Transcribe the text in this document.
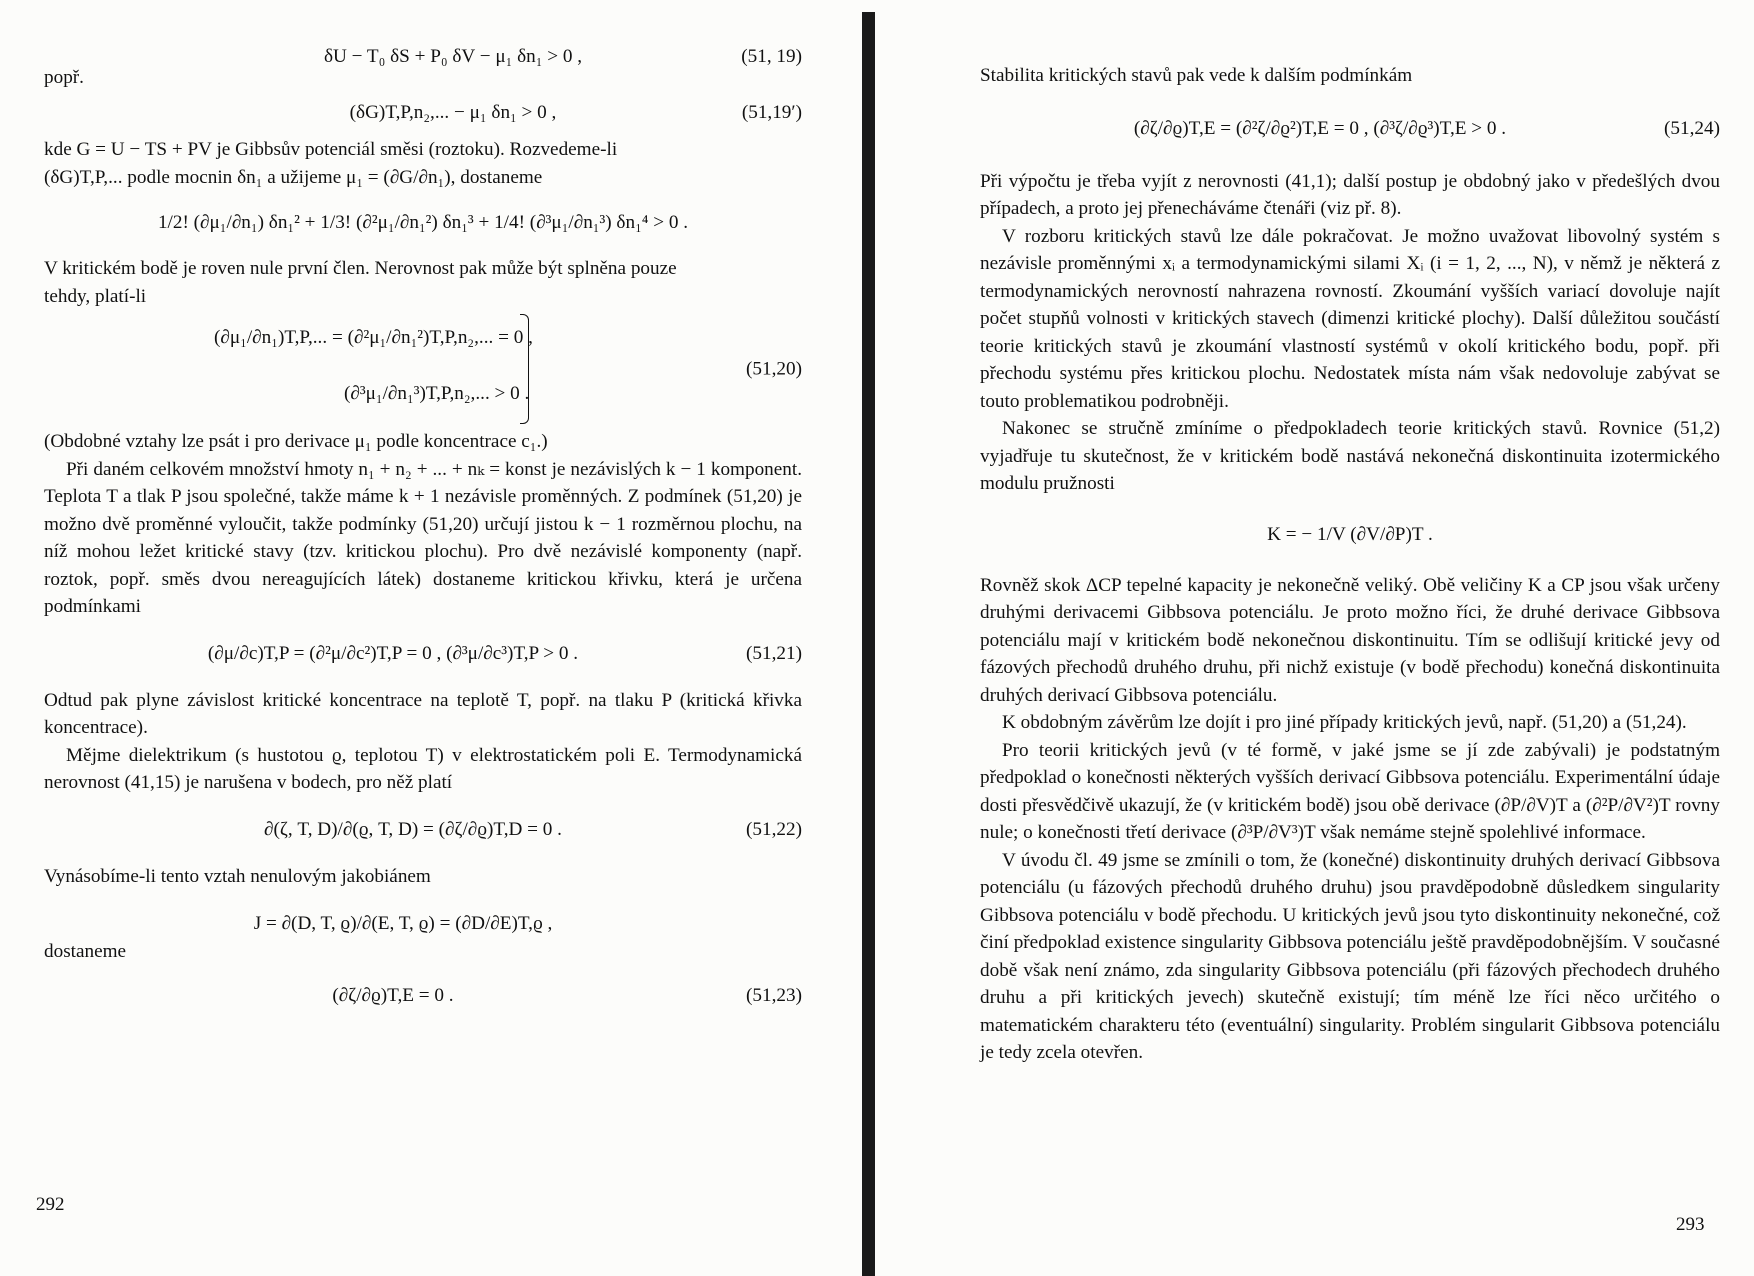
δU − T₀ δS + P₀ δV − μ₁ δn₁ > 0 ,	(51, 19)
popř.
(δG)T,P,n₂,... − μ₁ δn₁ > 0 ,	(51,19′)

kde G = U − TS + PV je Gibbsův potenciál směsi (roztoku). Rozvedeme-li

(δG)T,P,... podle mocnin δn₁ a užijeme μ₁ = (∂G/∂n₁), dostaneme

1/2! (∂μ₁/∂n₁) δn₁² + 1/3! (∂²μ₁/∂n₁²) δn₁³ + 1/4! (∂³μ₁/∂n₁³) δn₁⁴ > 0 .

V kritickém bodě je roven nule první člen. Nerovnost pak může být splněna pouze

tehdy, platí-li

(∂μ₁/∂n₁)T,P,... = (∂²μ₁/∂n₁²)T,P,n₂,... = 0 ,
(∂³μ₁/∂n₁³)T,P,n₂,... > 0 .
(51,20)

(Obdobné vztahy lze psát i pro derivace μ₁ podle koncentrace c₁.)

Při daném celkovém množství hmoty n₁ + n₂ + ... + nₖ = konst je nezávislých k − 1 komponent. Teplota T a tlak P jsou společné, takže máme k + 1 nezávisle proměnných. Z podmínek (51,20) je možno dvě proměnné vyloučit, takže podmínky (51,20) určují jistou k − 1 rozměrnou plochu, na níž mohou ležet kritické stavy (tzv. kritickou plochu). Pro dvě nezávislé komponenty (např. roztok, popř. směs dvou nereagujících látek) dostaneme kritickou křivku, která je určena podmínkami

(∂μ/∂c)T,P = (∂²μ/∂c²)T,P = 0 , (∂³μ/∂c³)T,P > 0 .	(51,21)

Odtud pak plyne závislost kritické koncentrace na teplotě T, popř. na tlaku P (kritická křivka koncentrace).

Mějme dielektrikum (s hustotou ϱ, teplotou T) v elektrostatickém poli E. Termodynamická nerovnost (41,15) je narušena v bodech, pro něž platí

∂(ζ, T, D)/∂(ϱ, T, D) = (∂ζ/∂ϱ)T,D = 0 .	(51,22)

Vynásobíme-li tento vztah nenulovým jakobiánem

J = ∂(D, T, ϱ)/∂(E, T, ϱ) = (∂D/∂E)T,ϱ ,
dostaneme
(∂ζ/∂ϱ)T,E = 0 .	(51,23)
292

Stabilita kritických stavů pak vede k dalším podmínkám

(∂ζ/∂ϱ)T,E = (∂²ζ/∂ϱ²)T,E = 0 , (∂³ζ/∂ϱ³)T,E > 0 .	(51,24)

Při výpočtu je třeba vyjít z nerovnosti (41,1); další postup je obdobný jako v předešlých dvou případech, a proto jej přenecháváme čtenáři (viz př. 8).

V rozboru kritických stavů lze dále pokračovat. Je možno uvažovat libovolný systém s nezávisle proměnnými xᵢ a termodynamickými silami Xᵢ (i = 1, 2, ..., N), v němž je některá z termodynamických nerovností nahrazena rovností. Zkoumání vyšších variací dovoluje najít počet stupňů volnosti v kritických stavech (dimenzi kritické plochy). Další důležitou součástí teorie kritických stavů je zkoumání vlastností systémů v okolí kritického bodu, popř. při přechodu systému přes kritickou plochu. Nedostatek místa nám však nedovoluje zabývat se touto problematikou podrobněji.

Nakonec se stručně zmíníme o předpokladech teorie kritických stavů. Rovnice (51,2) vyjadřuje tu skutečnost, že v kritickém bodě nastává nekonečná diskontinuita izotermického modulu pružnosti

K = − 1/V (∂V/∂P)T .

Rovněž skok ΔCP tepelné kapacity je nekonečně veliký. Obě veličiny K a CP jsou však určeny druhými derivacemi Gibbsova potenciálu. Je proto možno říci, že druhé derivace Gibbsova potenciálu mají v kritickém bodě nekonečnou diskontinuitu. Tím se odlišují kritické jevy od fázových přechodů druhého druhu, při nichž existuje (v bodě přechodu) konečná diskontinuita druhých derivací Gibbsova potenciálu.

K obdobným závěrům lze dojít i pro jiné případy kritických jevů, např. (51,20) a (51,24).

Pro teorii kritických jevů (v té formě, v jaké jsme se jí zde zabývali) je podstatným předpoklad o konečnosti některých vyšších derivací Gibbsova potenciálu. Experimentální údaje dosti přesvědčivě ukazují, že (v kritickém bodě) jsou obě derivace (∂P/∂V)T a (∂²P/∂V²)T rovny nule; o konečnosti třetí derivace (∂³P/∂V³)T však nemáme stejně spolehlivé informace.

V úvodu čl. 49 jsme se zmínili o tom, že (konečné) diskontinuity druhých derivací Gibbsova potenciálu (u fázových přechodů druhého druhu) jsou pravděpodobně důsledkem singularity Gibbsova potenciálu v bodě přechodu. U kritických jevů jsou tyto diskontinuity nekonečné, což činí předpoklad existence singularity Gibbsova potenciálu ještě pravděpodobnějším. V současné době však není známo, zda singularity Gibbsova potenciálu (při fázových přechodech druhého druhu a při kritických jevech) skutečně existují; tím méně lze říci něco určitého o matematickém charakteru této (eventuální) singularity. Problém singularit Gibbsova potenciálu je tedy zcela otevřen.

293
